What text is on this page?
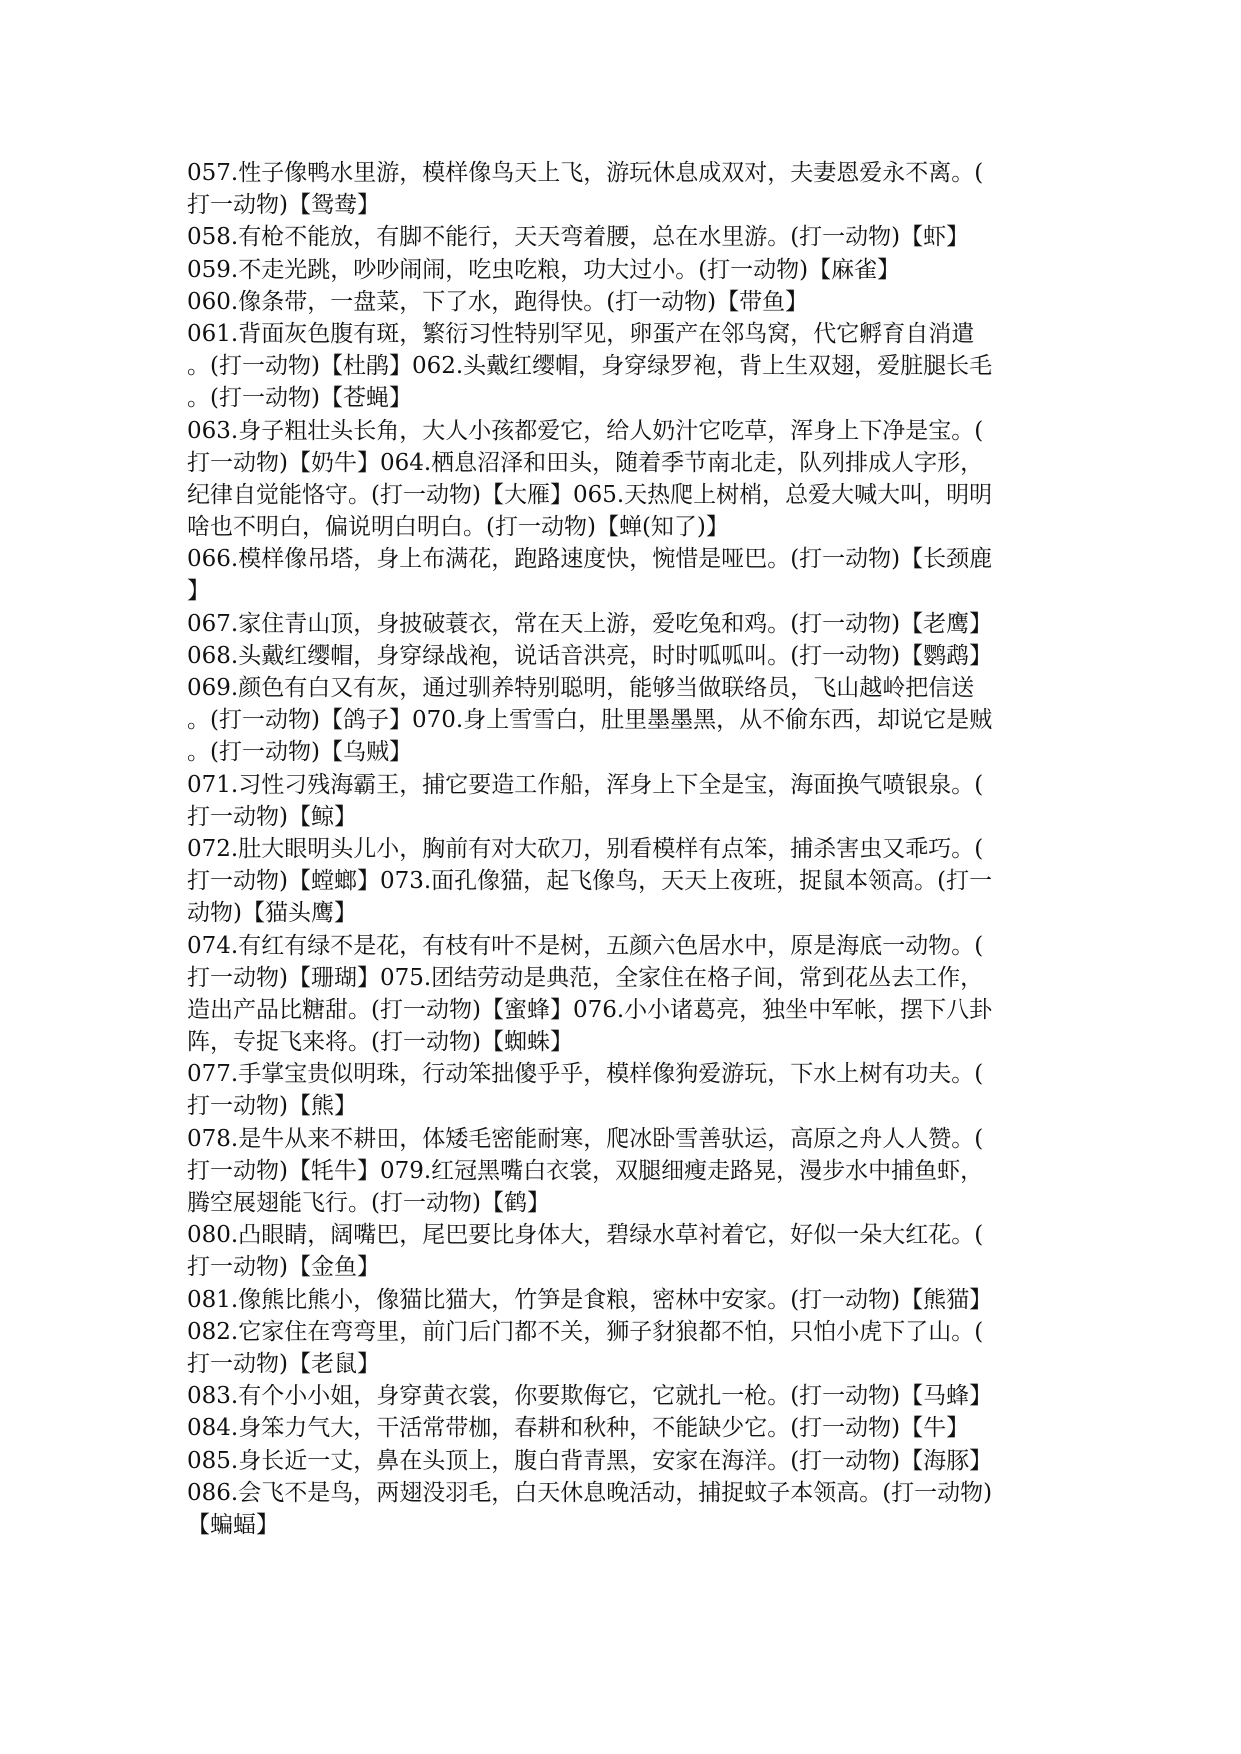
057.性子像鸭水里游，模样像鸟天上飞，游玩休息成双对，夫妻恩爱永不离。(
打一动物)【鸳鸯】
058.有枪不能放，有脚不能行，天天弯着腰，总在水里游。(打一动物)【虾】
059.不走光跳，吵吵闹闹，吃虫吃粮，功大过小。(打一动物)【麻雀】
060.像条带，一盘菜，下了水，跑得快。(打一动物)【带鱼】
061.背面灰色腹有斑，繁衍习性特别罕见，卵蛋产在邻鸟窝，代它孵育自消遣
。(打一动物)【杜鹃】062.头戴红缨帽，身穿绿罗袍，背上生双翅，爱脏腿长毛
。(打一动物)【苍蝇】
063.身子粗壮头长角，大人小孩都爱它，给人奶汁它吃草，浑身上下净是宝。(
打一动物)【奶牛】064.栖息沼泽和田头，随着季节南北走，队列排成人字形，
纪律自觉能恪守。(打一动物)【大雁】065.天热爬上树梢，总爱大喊大叫，明明
啥也不明白，偏说明白明白。(打一动物)【蝉(知了)】
066.模样像吊塔，身上布满花，跑路速度快，惋惜是哑巴。(打一动物)【长颈鹿
】
067.家住青山顶，身披破蓑衣，常在天上游，爱吃兔和鸡。(打一动物)【老鹰】
068.头戴红缨帽，身穿绿战袍，说话音洪亮，时时呱呱叫。(打一动物)【鹦鹉】
069.颜色有白又有灰，通过驯养特别聪明，能够当做联络员，飞山越岭把信送
。(打一动物)【鸽子】070.身上雪雪白，肚里墨墨黑，从不偷东西，却说它是贼
。(打一动物)【乌贼】
071.习性刁残海霸王，捕它要造工作船，浑身上下全是宝，海面换气喷银泉。(
打一动物)【鲸】
072.肚大眼明头儿小，胸前有对大砍刀，别看模样有点笨，捕杀害虫又乖巧。(
打一动物)【螳螂】073.面孔像猫，起飞像鸟，天天上夜班，捉鼠本领高。(打一
动物)【猫头鹰】
074.有红有绿不是花，有枝有叶不是树，五颜六色居水中，原是海底一动物。(
打一动物)【珊瑚】075.团结劳动是典范，全家住在格子间，常到花丛去工作，
造出产品比糖甜。(打一动物)【蜜蜂】076.小小诸葛亮，独坐中军帐，摆下八卦
阵，专捉飞来将。(打一动物)【蜘蛛】
077.手掌宝贵似明珠，行动笨拙傻乎乎，模样像狗爱游玩，下水上树有功夫。(
打一动物)【熊】
078.是牛从来不耕田，体矮毛密能耐寒，爬冰卧雪善驮运，高原之舟人人赞。(
打一动物)【牦牛】079.红冠黑嘴白衣裳，双腿细瘦走路晃，漫步水中捕鱼虾，
腾空展翅能飞行。(打一动物)【鹤】
080.凸眼睛，阔嘴巴，尾巴要比身体大，碧绿水草衬着它，好似一朵大红花。(
打一动物)【金鱼】
081.像熊比熊小，像猫比猫大，竹笋是食粮，密林中安家。(打一动物)【熊猫】
082.它家住在弯弯里，前门后门都不关，狮子豺狼都不怕，只怕小虎下了山。(
打一动物)【老鼠】
083.有个小小姐，身穿黄衣裳，你要欺侮它，它就扎一枪。(打一动物)【马蜂】
084.身笨力气大，干活常带枷，春耕和秋种，不能缺少它。(打一动物)【牛】
085.身长近一丈，鼻在头顶上，腹白背青黑，安家在海洋。(打一动物)【海豚】
086.会飞不是鸟，两翅没羽毛，白天休息晚活动，捕捉蚊子本领高。(打一动物)
【蝙蝠】
